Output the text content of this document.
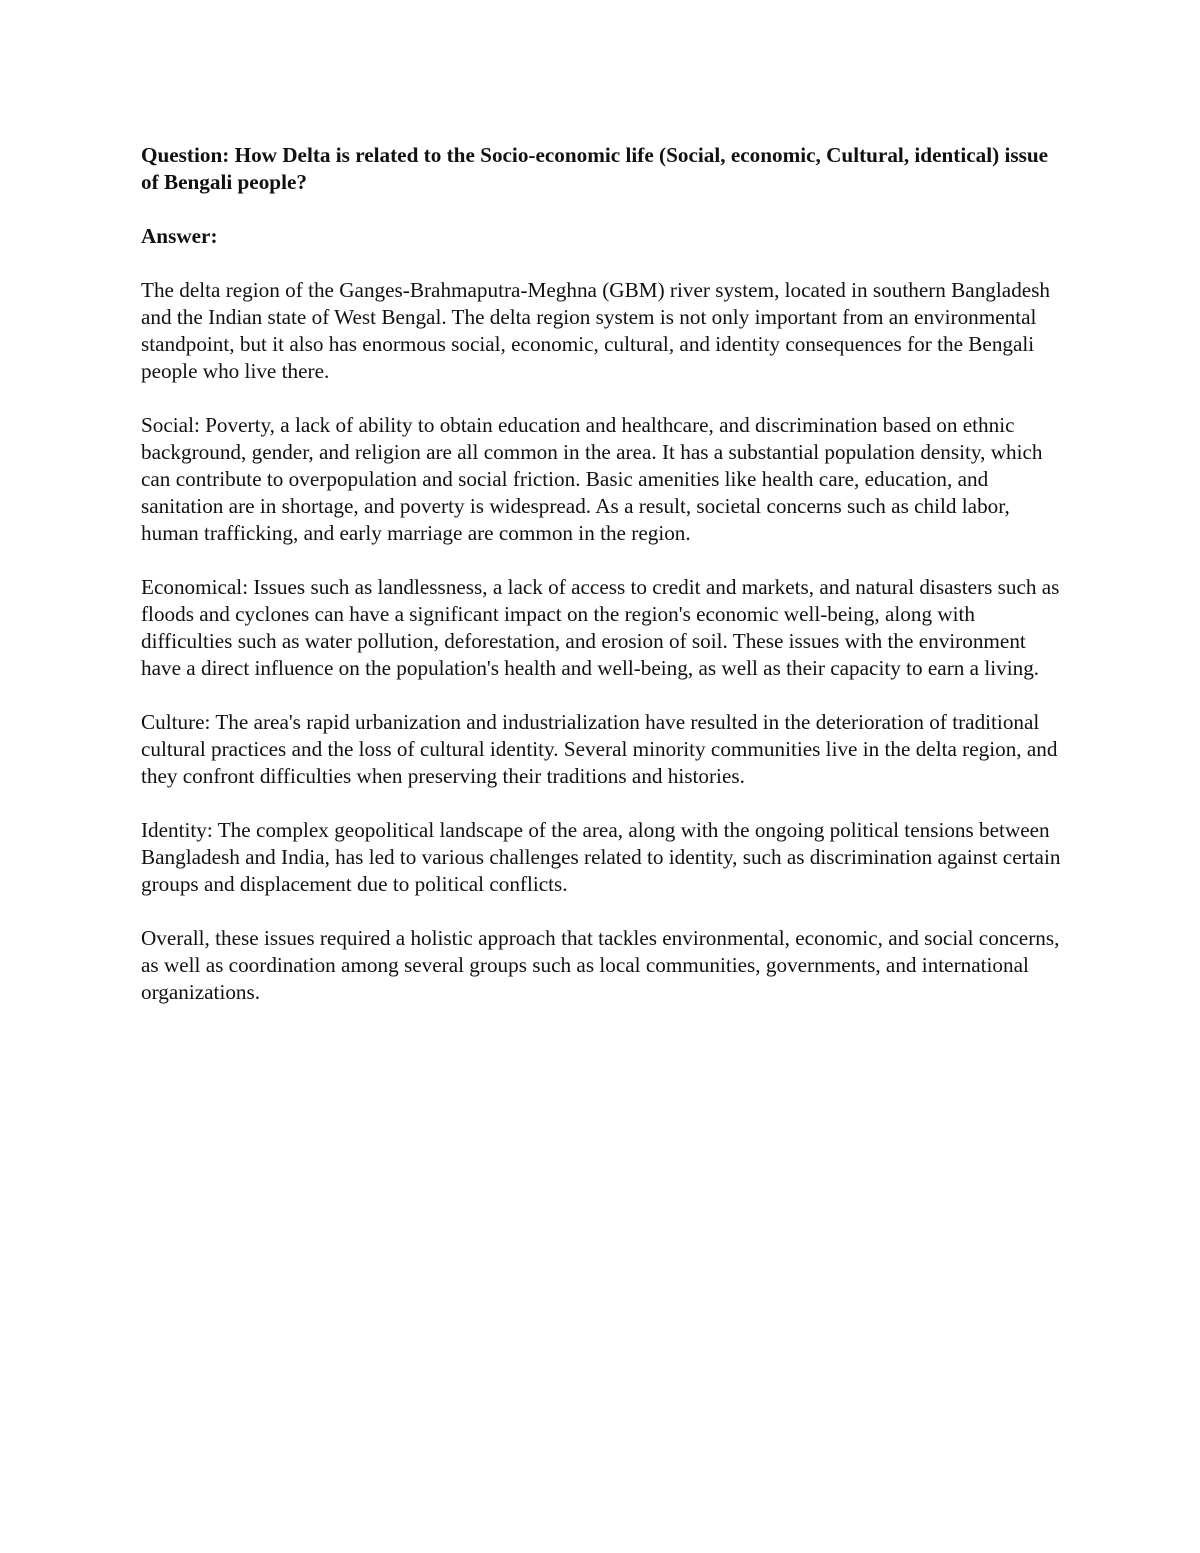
Question: How Delta is related to the Socio-economic life (Social, economic, Cultural, identical) issue of Bengali people?

Answer:

The delta region of the Ganges-Brahmaputra-Meghna (GBM) river system, located in southern Bangladesh and the Indian state of West Bengal. The delta region system is not only important from an environmental standpoint, but it also has enormous social, economic, cultural, and identity consequences for the Bengali people who live there.

Social: Poverty, a lack of ability to obtain education and healthcare, and discrimination based on ethnic background, gender, and religion are all common in the area. It has a substantial population density, which can contribute to overpopulation and social friction. Basic amenities like health care, education, and sanitation are in shortage, and poverty is widespread. As a result, societal concerns such as child labor, human trafficking, and early marriage are common in the region.

Economical: Issues such as landlessness, a lack of access to credit and markets, and natural disasters such as floods and cyclones can have a significant impact on the region's economic well-being, along with difficulties such as water pollution, deforestation, and erosion of soil. These issues with the environment have a direct influence on the population's health and well-being, as well as their capacity to earn a living.

Culture: The area's rapid urbanization and industrialization have resulted in the deterioration of traditional cultural practices and the loss of cultural identity. Several minority communities live in the delta region, and they confront difficulties when preserving their traditions and histories.

Identity: The complex geopolitical landscape of the area, along with the ongoing political tensions between Bangladesh and India, has led to various challenges related to identity, such as discrimination against certain groups and displacement due to political conflicts.

Overall, these issues required a holistic approach that tackles environmental, economic, and social concerns, as well as coordination among several groups such as local communities, governments, and international organizations.
